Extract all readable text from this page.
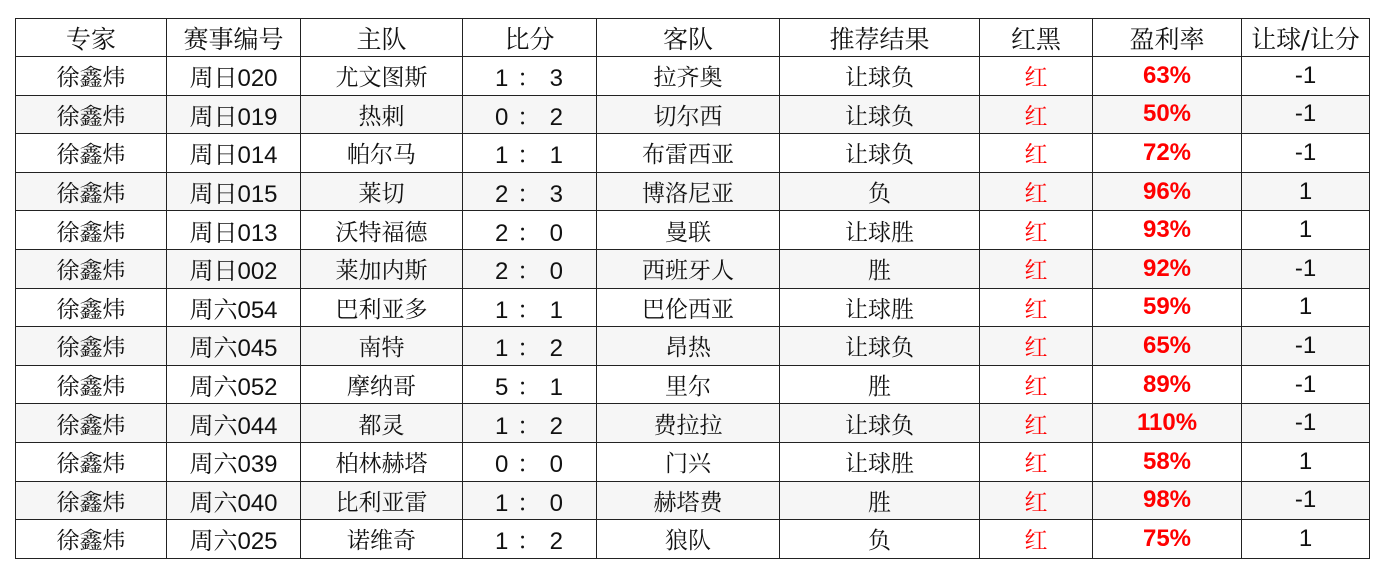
专家	赛事编号	主队	比分	客队	推荐结果	红黑	盈利率	让球/让分
徐鑫炜	周日020	尤文图斯	1 ： 3	拉齐奥	让球负	红	63%	-1
徐鑫炜	周日019	热刺	0 ： 2	切尔西	让球负	红	50%	-1
徐鑫炜	周日014	帕尔马	1 ： 1	布雷西亚	让球负	红	72%	-1
徐鑫炜	周日015	莱切	2 ： 3	博洛尼亚	负	红	96%	1
徐鑫炜	周日013	沃特福德	2 ： 0	曼联	让球胜	红	93%	1
徐鑫炜	周日002	莱加内斯	2 ： 0	西班牙人	胜	红	92%	-1
徐鑫炜	周六054	巴利亚多	1 ： 1	巴伦西亚	让球胜	红	59%	1
徐鑫炜	周六045	南特	1 ： 2	昂热	让球负	红	65%	-1
徐鑫炜	周六052	摩纳哥	5 ： 1	里尔	胜	红	89%	-1
徐鑫炜	周六044	都灵	1 ： 2	费拉拉	让球负	红	110%	-1
徐鑫炜	周六039	柏林赫塔	0 ： 0	门兴	让球胜	红	58%	1
徐鑫炜	周六040	比利亚雷	1 ： 0	赫塔费	胜	红	98%	-1
徐鑫炜	周六025	诺维奇	1 ： 2	狼队	负	红	75%	1
